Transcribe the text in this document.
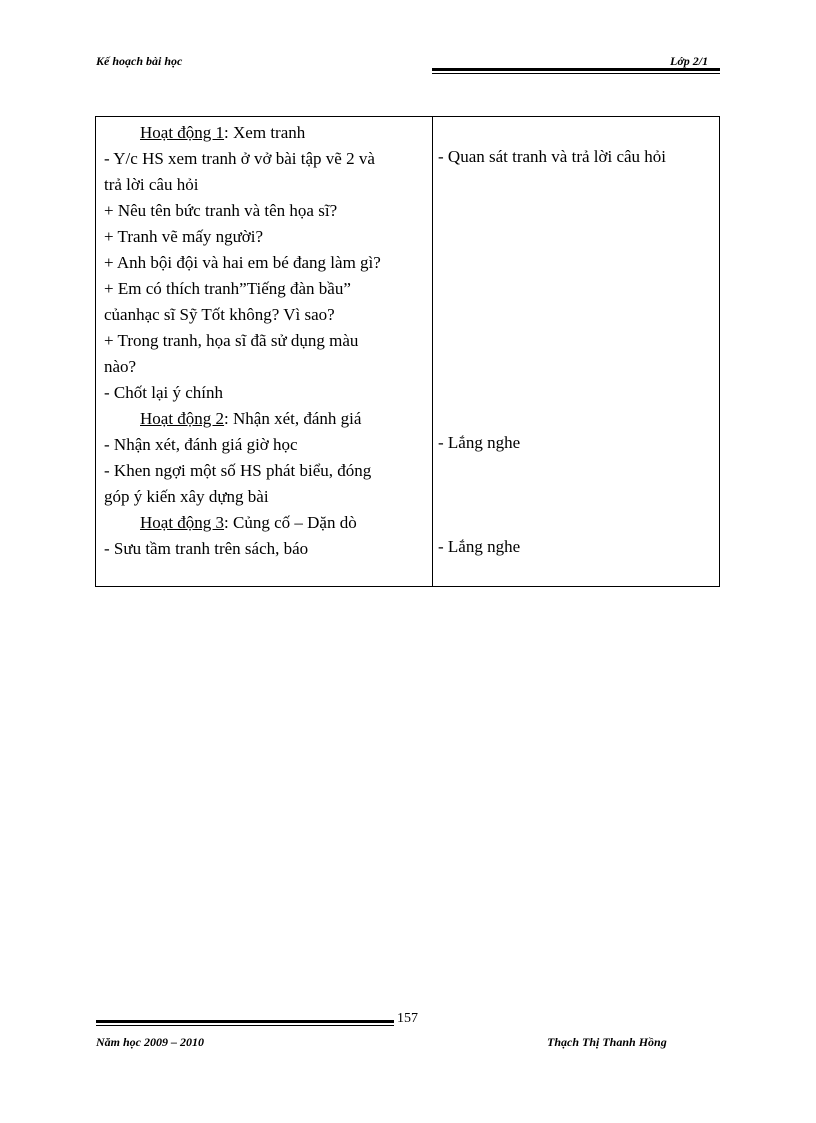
Kế hoạch bài học	Lớp 2/1
Hoạt động 1: Xem tranh
- Y/c HS xem tranh ở vở bài tập vẽ 2 và
trả lời câu hỏi
+ Nêu tên bức tranh và tên họa sĩ?
+ Tranh vẽ mấy người?
+ Anh bội đội và hai em bé đang làm gì?
+ Em có thích tranh”Tiếng đàn bầu”
củanhạc sĩ Sỹ Tốt không? Vì sao?
+ Trong tranh, họa sĩ đã sử dụng màu
nào?
- Chốt lại ý chính
Hoạt động 2: Nhận xét, đánh giá
- Nhận xét, đánh giá giờ học
- Khen ngợi một số HS phát biểu, đóng
góp ý kiến xây dựng bài
Hoạt động 3: Củng cố – Dặn dò
- Sưu tầm tranh trên sách, báo
- Quan sát tranh và trả lời câu hỏi
- Lắng nghe
- Lắng nghe
157
Năm học 2009 – 2010	Thạch Thị Thanh Hồng
